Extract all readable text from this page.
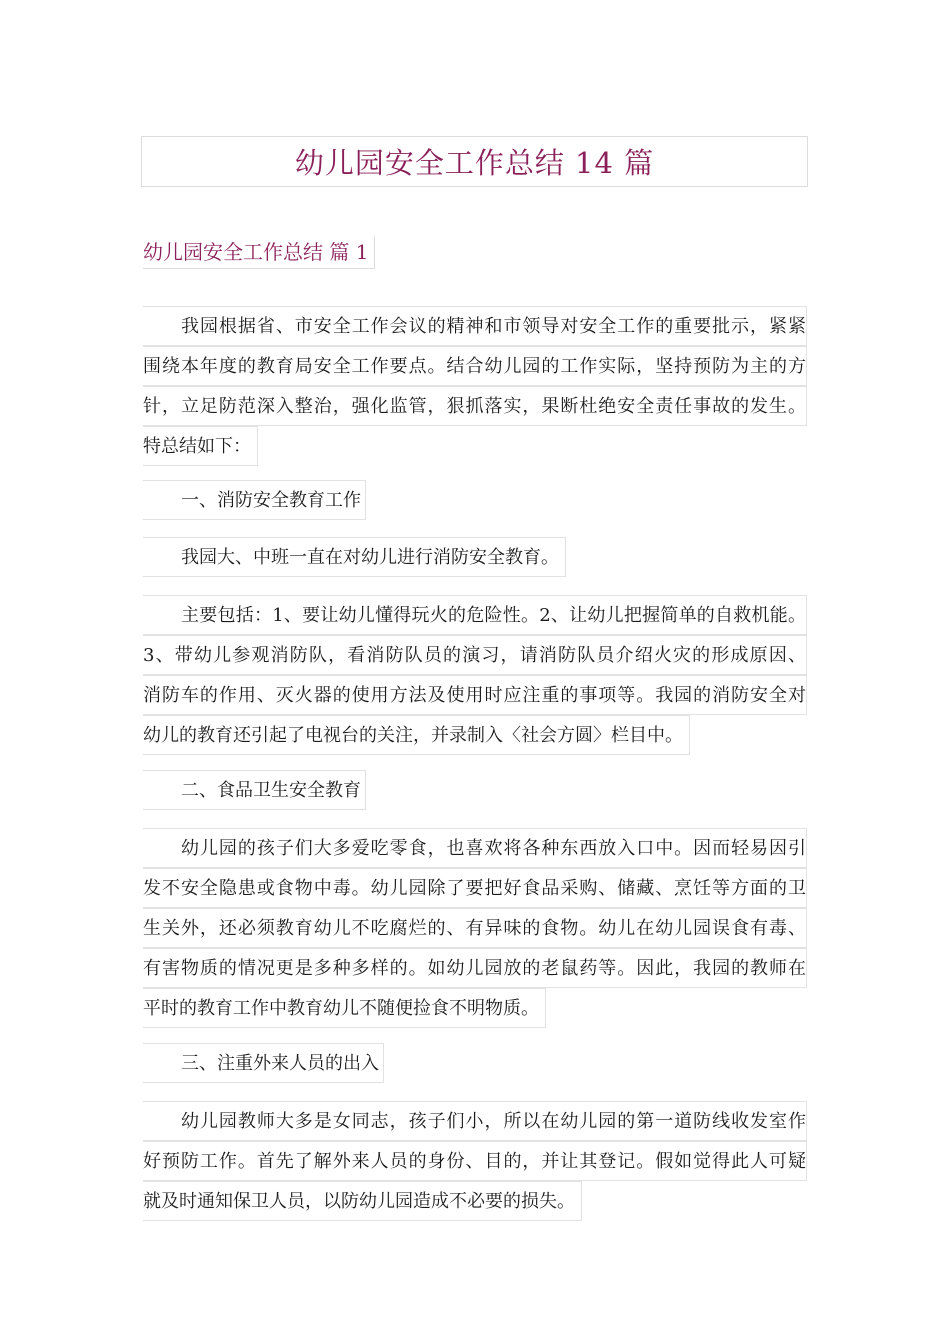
幼儿园安全工作总结 14 篇
幼儿园安全工作总结 篇 1
我园根据省、市安全工作会议的精神和市领导对安全工作的重要批示，紧紧
围绕本年度的教育局安全工作要点。结合幼儿园的工作实际，坚持预防为主的方
针，立足防范深入整治，强化监管，狠抓落实，果断杜绝安全责任事故的发生。
特总结如下：
一、消防安全教育工作
我园大、中班一直在对幼儿进行消防安全教育。
主要包括：1、要让幼儿懂得玩火的危险性。2、让幼儿把握简单的自救机能。
3、带幼儿参观消防队，看消防队员的演习，请消防队员介绍火灾的形成原因、
消防车的作用、灭火器的使用方法及使用时应注重的事项等。我园的消防安全对
幼儿的教育还引起了电视台的关注，并录制入〈社会方圆〉栏目中。
二、食品卫生安全教育
幼儿园的孩子们大多爱吃零食，也喜欢将各种东西放入口中。因而轻易因引
发不安全隐患或食物中毒。幼儿园除了要把好食品采购、储藏、烹饪等方面的卫
生关外，还必须教育幼儿不吃腐烂的、有异味的食物。幼儿在幼儿园误食有毒、
有害物质的情况更是多种多样的。如幼儿园放的老鼠药等。因此，我园的教师在
平时的教育工作中教育幼儿不随便捡食不明物质。
三、注重外来人员的出入
幼儿园教师大多是女同志，孩子们小，所以在幼儿园的第一道防线收发室作
好预防工作。首先了解外来人员的身份、目的，并让其登记。假如觉得此人可疑
就及时通知保卫人员，以防幼儿园造成不必要的损失。
